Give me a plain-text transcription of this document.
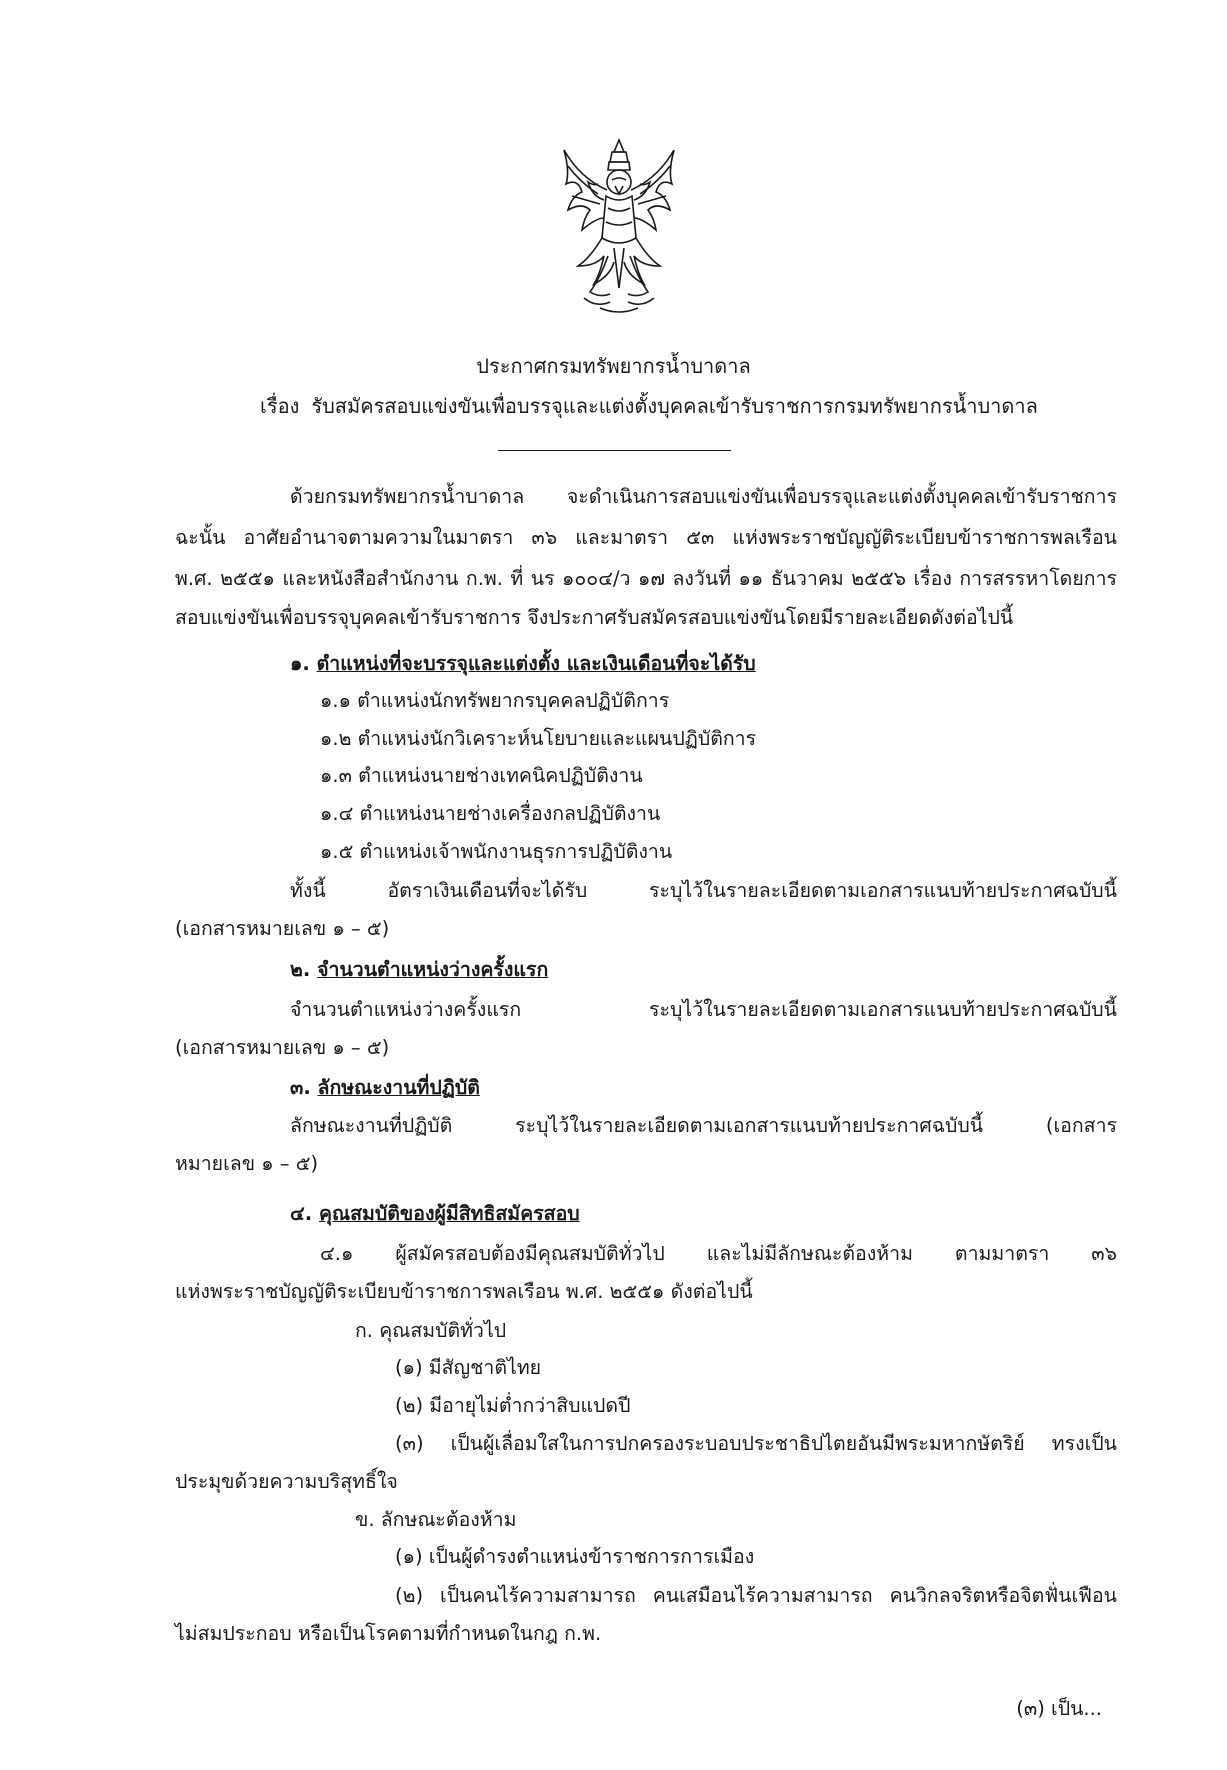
ประกาศกรมทรัพยากรน้ำบาดาล
เรื่อง รับสมัครสอบแข่งขันเพื่อบรรจุและแต่งตั้งบุคคลเข้ารับราชการกรมทรัพยากรน้ำบาดาล
ด้วยกรมทรัพยากรน้ำบาดาล จะดำเนินการสอบแข่งขันเพื่อบรรจุและแต่งตั้งบุคคลเข้ารับราชการ
ฉะนั้น อาศัยอำนาจตามความในมาตรา ๓๖ และมาตรา ๕๓ แห่งพระราชบัญญัติระเบียบข้าราชการพลเรือน
พ.ศ. ๒๕๕๑ และหนังสือสำนักงาน ก.พ. ที่ นร ๑๐๐๔/ว ๑๗ ลงวันที่ ๑๑ ธันวาคม ๒๕๕๖ เรื่อง การสรรหาโดยการ
สอบแข่งขันเพื่อบรรจุบุคคลเข้ารับราชการ จึงประกาศรับสมัครสอบแข่งขันโดยมีรายละเอียดดังต่อไปนี้
๑. ตำแหน่งที่จะบรรจุและแต่งตั้ง และเงินเดือนที่จะได้รับ
๑.๑ ตำแหน่งนักทรัพยากรบุคคลปฏิบัติการ
๑.๒ ตำแหน่งนักวิเคราะห์นโยบายและแผนปฏิบัติการ
๑.๓ ตำแหน่งนายช่างเทคนิคปฏิบัติงาน
๑.๔ ตำแหน่งนายช่างเครื่องกลปฏิบัติงาน
๑.๕ ตำแหน่งเจ้าพนักงานธุรการปฏิบัติงาน
ทั้งนี้ อัตราเงินเดือนที่จะได้รับ ระบุไว้ในรายละเอียดตามเอกสารแนบท้ายประกาศฉบับนี้
(เอกสารหมายเลข ๑ – ๕)
๒. จำนวนตำแหน่งว่างครั้งแรก
จำนวนตำแหน่งว่างครั้งแรก ระบุไว้ในรายละเอียดตามเอกสารแนบท้ายประกาศฉบับนี้
(เอกสารหมายเลข ๑ – ๕)
๓. ลักษณะงานที่ปฏิบัติ
ลักษณะงานที่ปฏิบัติ ระบุไว้ในรายละเอียดตามเอกสารแนบท้ายประกาศฉบับนี้ (เอกสาร
หมายเลข ๑ – ๕)
๔. คุณสมบัติของผู้มีสิทธิสมัครสอบ
๔.๑ ผู้สมัครสอบต้องมีคุณสมบัติทั่วไป และไม่มีลักษณะต้องห้าม ตามมาตรา ๓๖
แห่งพระราชบัญญัติระเบียบข้าราชการพลเรือน พ.ศ. ๒๕๕๑ ดังต่อไปนี้
ก. คุณสมบัติทั่วไป
(๑) มีสัญชาติไทย
(๒) มีอายุไม่ต่ำกว่าสิบแปดปี
(๓) เป็นผู้เลื่อมใสในการปกครองระบอบประชาธิปไตยอันมีพระมหากษัตริย์ ทรงเป็น
ประมุขด้วยความบริสุทธิ์ใจ
ข. ลักษณะต้องห้าม
(๑) เป็นผู้ดำรงตำแหน่งข้าราชการการเมือง
(๒) เป็นคนไร้ความสามารถ คนเสมือนไร้ความสามารถ คนวิกลจริตหรือจิตฟั่นเฟือน
ไม่สมประกอบ หรือเป็นโรคตามที่กำหนดในกฎ ก.พ.
(๓) เป็น...
